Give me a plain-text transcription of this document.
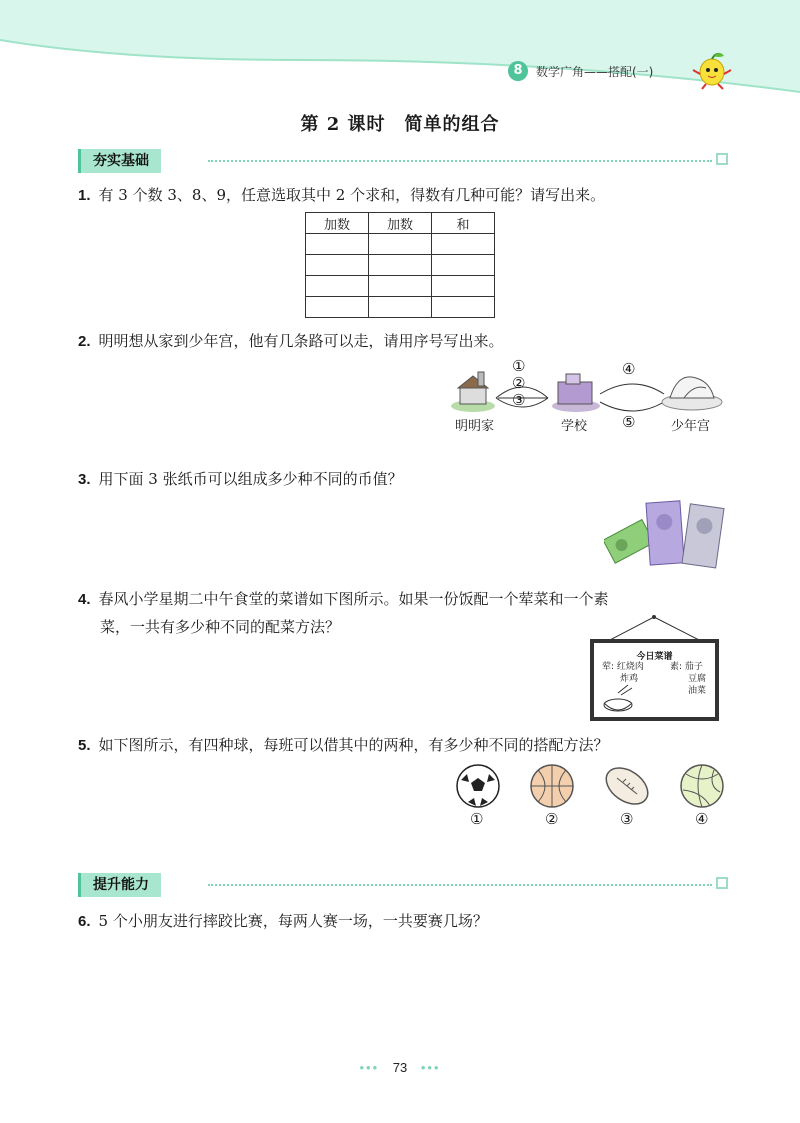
8	数学广角——搭配(一)
第 2 课时　简单的组合
夯实基础
1. 有 3 个数 3、8、9，任意选取其中 2 个求和，得数有几种可能？请写出来。
加数	加数	和

2. 明明想从家到少年宫，他有几条路可以走，请用序号写出来。
①
②
③
④
⑤
明明家	学校	少年宫
3. 用下面 3 张纸币可以组成多少种不同的币值？
4. 春风小学星期二中午食堂的菜谱如下图所示。如果一份饭配一个荤菜和一个素
菜，一共有多少种不同的配菜方法？
今日菜谱
荤: 红烧肉
炸鸡
素: 茄子
豆腐
油菜
5. 如下图所示，有四种球，每班可以借其中的两种，有多少种不同的搭配方法？
①	②	③	④
提升能力
6. 5 个小朋友进行摔跤比赛，每两人赛一场，一共要赛几场？
••• 73 •••
